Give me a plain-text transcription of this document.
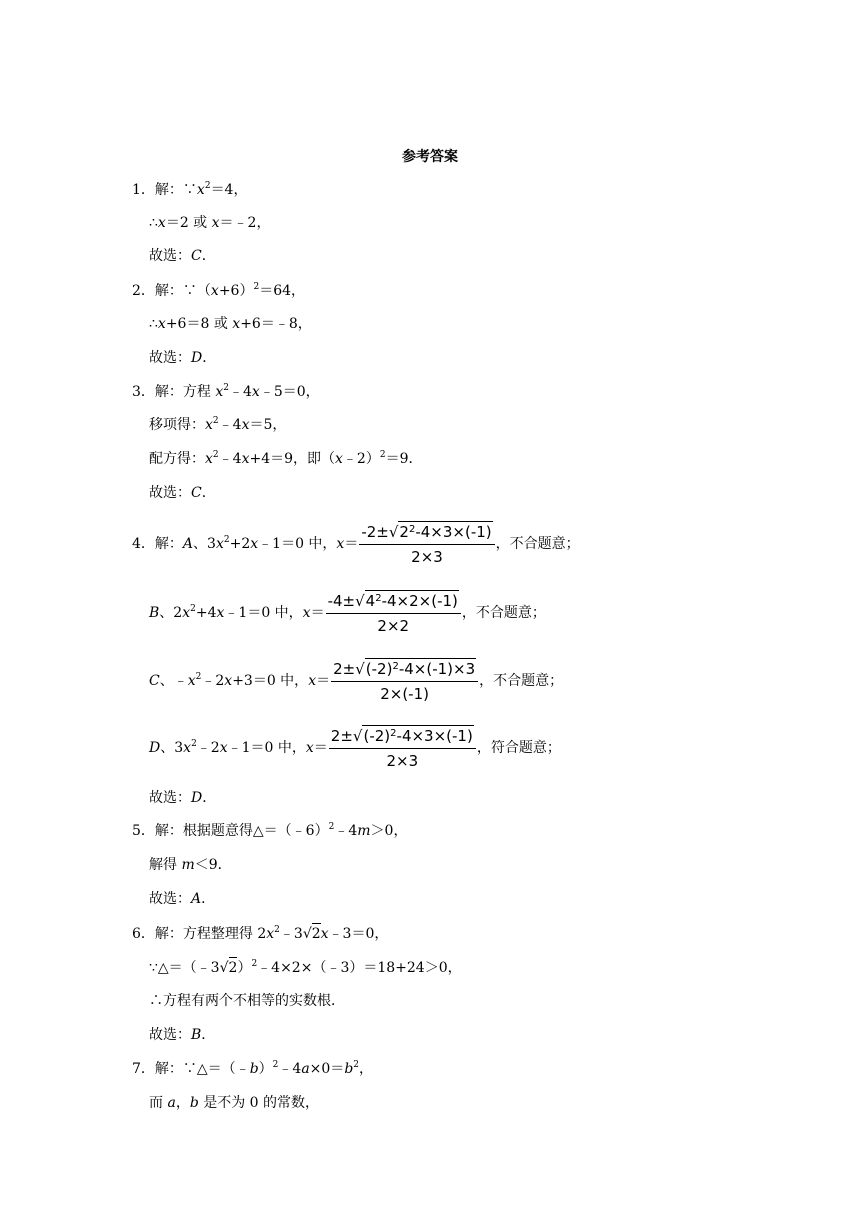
参考答案
1．解：$\because x^2=4$，
∴x＝2 或 x＝﹣2，
故选：C．
2．解：$\because(x+6)^2=64$，
∴x+6＝8 或 x+6＝﹣8，
故选：D．
3．解：方程 $x^2﹣4x﹣5=0$，
移项得：$x^2﹣4x=5$，
配方得：$x^2﹣4x+4=9$，即（x﹣2）$^2$＝9．
故选：C．
4．解：A、$3x^2+2x﹣1=0$ 中，$x= \frac{-2\pm√2^2-4\times 3\times(-1)}{2\times 3}$ ，不合题意；
B、$2x^2+4x﹣1=0$ 中，$x= \frac{-4\pm√4^2-4\times 2\times(-1)}{2\times 2}$ ，不合题意；
C、$﹣x^2﹣2x+3=0$ 中，$x= \frac{2\pm√(-2)^2-4\times(-1)\times 3}{2\times(-1)}$ ，不合题意；
D、$3x^2﹣2x﹣1=0$ 中，$x= \frac{2\pm√(-2)^2-4\times 3\times(-1)}{2\times 3}$ ，符合题意；
故选：D．
5．解：根据题意得△＝（﹣6）$^2$﹣4m＞0，
解得 m＜9．
故选：A．
6．解：方程整理得 $2x^2﹣3√2x﹣3=0$，
∵△＝（﹣3√2）$^2$﹣4×2×（﹣3）＝18+24＞0，
∴方程有两个不相等的实数根．
故选：B．
7．解：$\because\triangle=(﹣b)^2﹣4a\times 0=b^2$，
而 a，b 是不为 0 的常数，
